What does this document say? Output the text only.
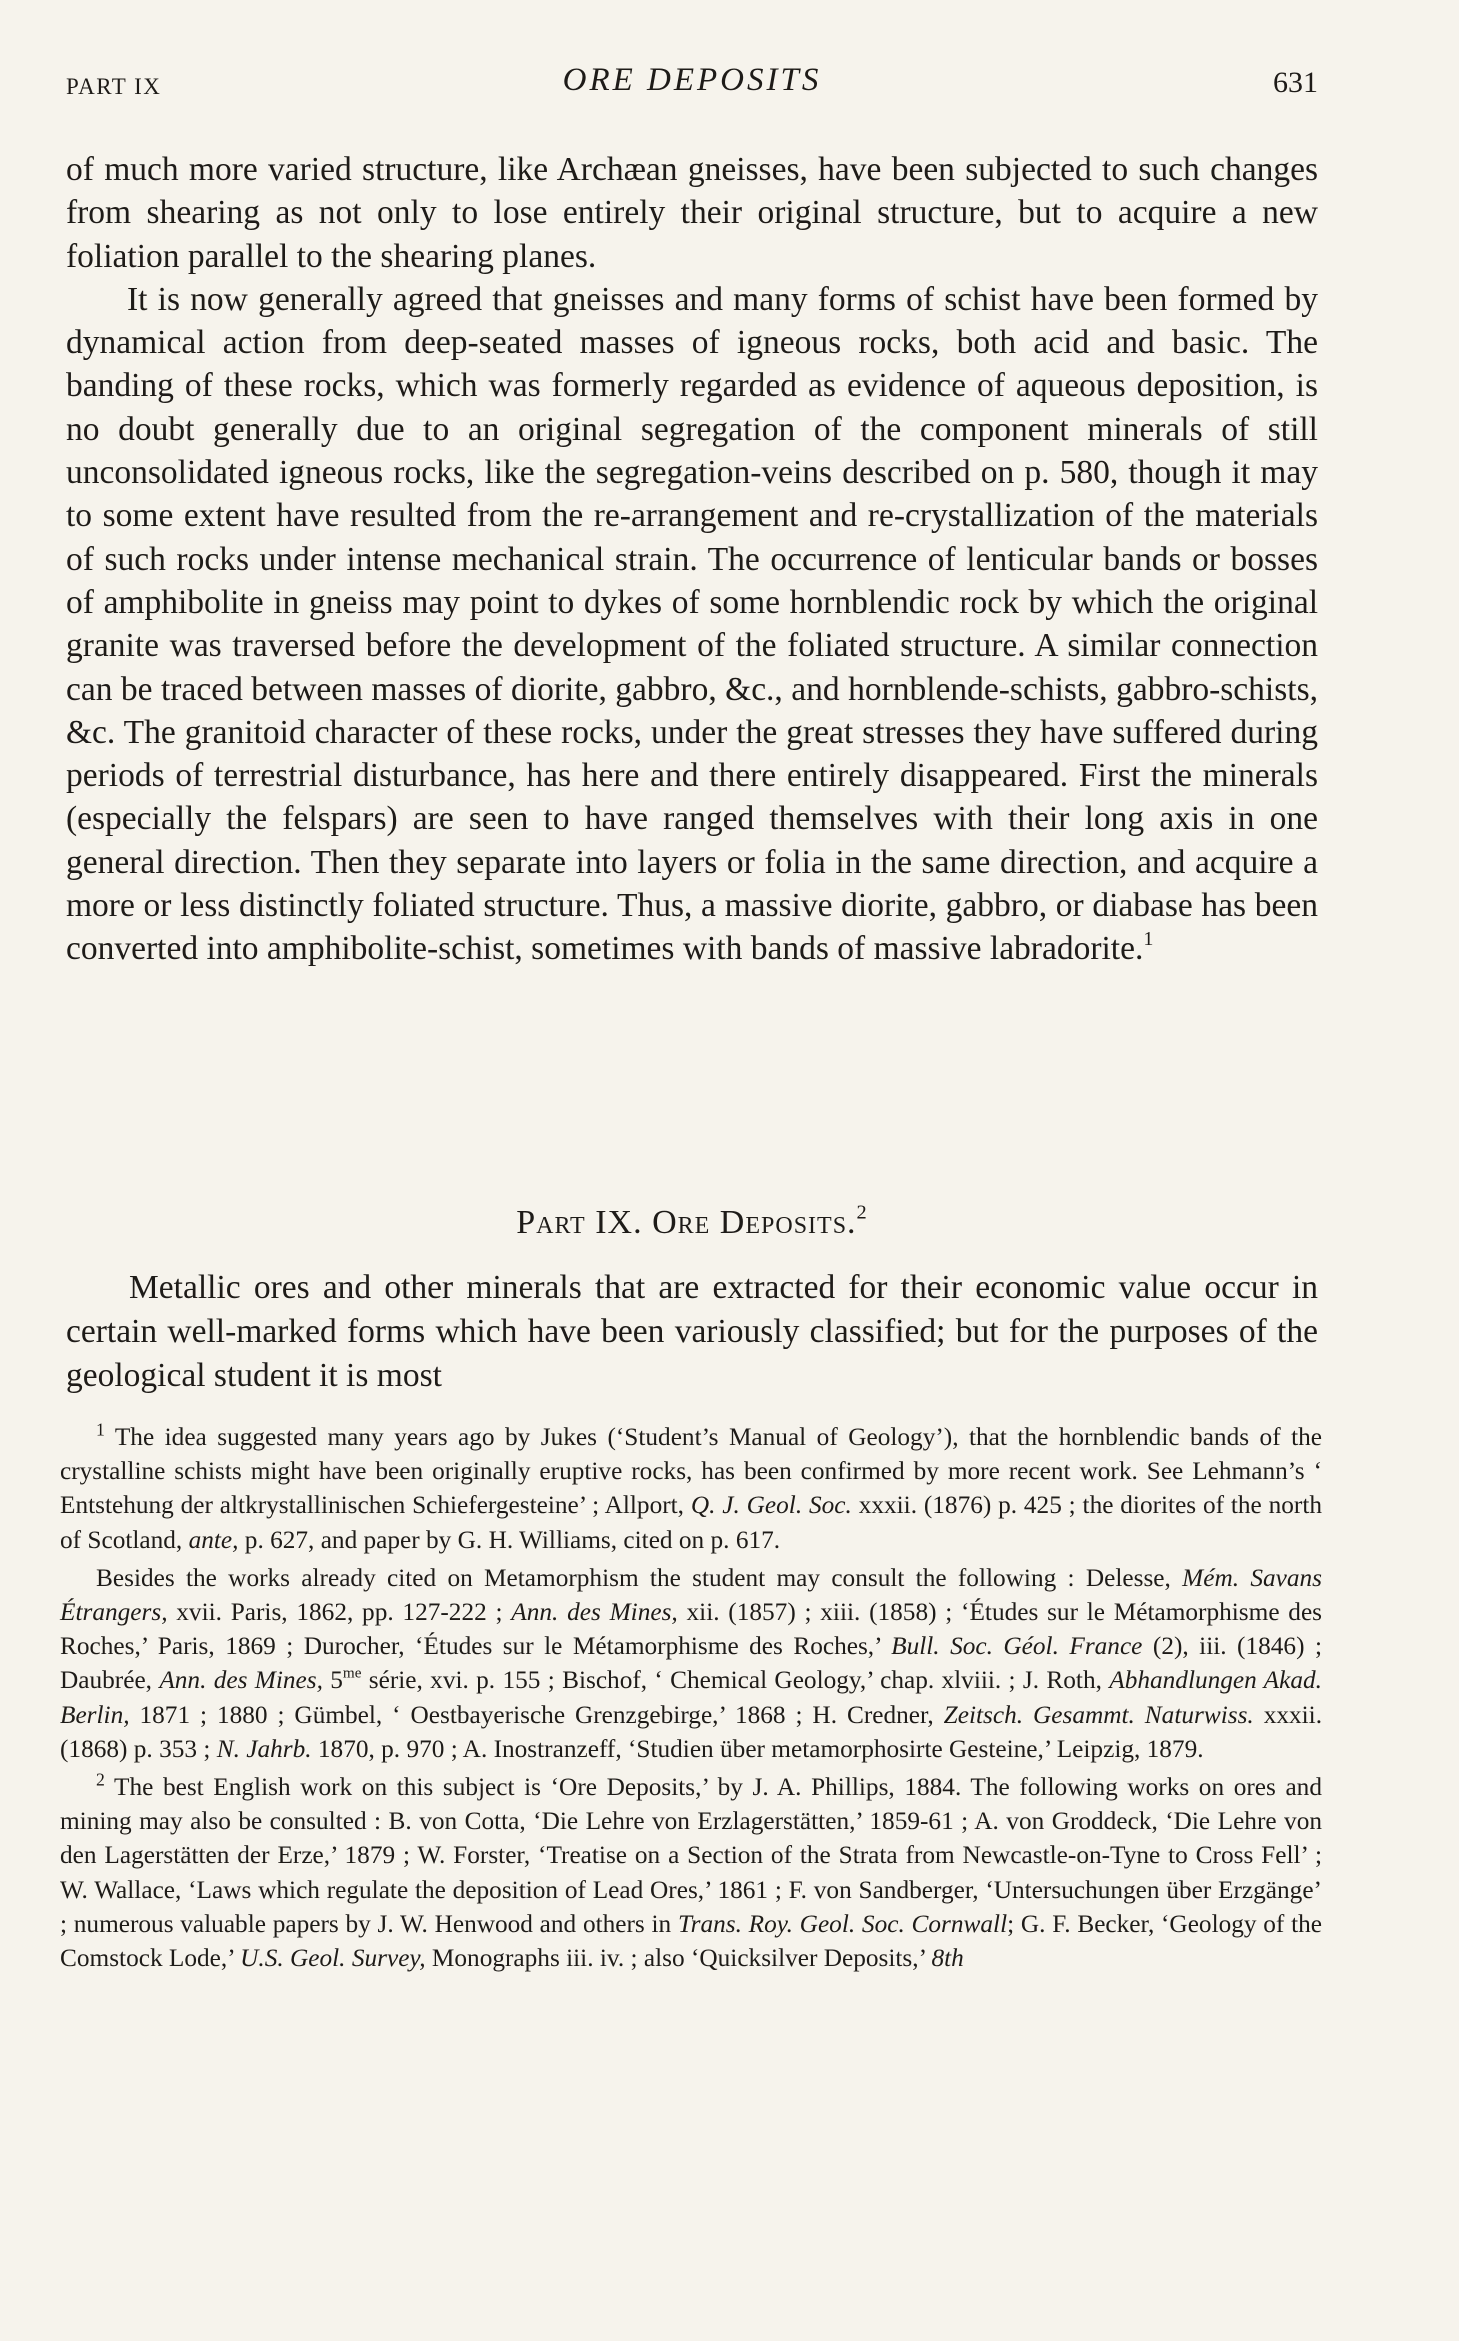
PART IX	ORE DEPOSITS	631

of much more varied structure, like Archæan gneisses, have been subjected to such changes from shearing as not only to lose entirely their original structure, but to acquire a new foliation parallel to the shearing planes.

It is now generally agreed that gneisses and many forms of schist have been formed by dynamical action from deep-seated masses of igneous rocks, both acid and basic. The banding of these rocks, which was formerly regarded as evidence of aqueous deposition, is no doubt generally due to an original segregation of the component minerals of still unconsolidated igneous rocks, like the segregation-veins described on p. 580, though it may to some extent have resulted from the re-arrangement and re-crystallization of the materials of such rocks under intense mechanical strain. The occurrence of lenticular bands or bosses of amphibolite in gneiss may point to dykes of some hornblendic rock by which the original granite was traversed before the development of the foliated structure. A similar connection can be traced between masses of diorite, gabbro, &c., and hornblende-schists, gabbro-schists, &c. The granitoid character of these rocks, under the great stresses they have suffered during periods of terrestrial disturbance, has here and there entirely disappeared. First the minerals (especially the felspars) are seen to have ranged themselves with their long axis in one general direction. Then they separate into layers or folia in the same direction, and acquire a more or less distinctly foliated structure. Thus, a massive diorite, gabbro, or diabase has been converted into amphibolite-schist, sometimes with bands of massive labradorite.$^1$

Part IX. Ore Deposits.$^2$

Metallic ores and other minerals that are extracted for their economic value occur in certain well-marked forms which have been variously classified; but for the purposes of the geological student it is most

$^1$ The idea suggested many years ago by Jukes (‘Student’s Manual of Geology’), that the hornblendic bands of the crystalline schists might have been originally eruptive rocks, has been confirmed by more recent work. See Lehmann’s ‘ Entstehung der altkrystallinischen Schiefergesteine’ ; Allport, Q. J. Geol. Soc. xxxii. (1876) p. 425 ; the diorites of the north of Scotland, ante, p. 627, and paper by G. H. Williams, cited on p. 617.

Besides the works already cited on Metamorphism the student may consult the following : Delesse, Mém. Savans Étrangers, xvii. Paris, 1862, pp. 127-222 ; Ann. des Mines, xii. (1857) ; xiii. (1858) ; ‘Études sur le Métamorphisme des Roches,’ Paris, 1869 ; Durocher, ‘Études sur le Métamorphisme des Roches,’ Bull. Soc. Géol. France (2), iii. (1846) ; Daubrée, Ann. des Mines, $5^{me}$ série, xvi. p. 155 ; Bischof, ‘ Chemical Geology,’ chap. xlviii. ; J. Roth, Abhandlungen Akad. Berlin, 1871 ; 1880 ; Gümbel, ‘ Oestbayerische Grenzgebirge,’ 1868 ; H. Credner, Zeitsch. Gesammt. Naturwiss. xxxii. (1868) p. 353 ; N. Jahrb. 1870, p. 970 ; A. Inostranzeff, ‘Studien über metamorphosirte Gesteine,’ Leipzig, 1879.

$^2$ The best English work on this subject is ‘Ore Deposits,’ by J. A. Phillips, 1884. The following works on ores and mining may also be consulted : B. von Cotta, ‘Die Lehre von Erzlagerstätten,’ 1859-61 ; A. von Groddeck, ‘Die Lehre von den Lagerstätten der Erze,’ 1879 ; W. Forster, ‘Treatise on a Section of the Strata from Newcastle-on-Tyne to Cross Fell’ ; W. Wallace, ‘Laws which regulate the deposition of Lead Ores,’ 1861 ; F. von Sandberger, ‘Untersuchungen über Erzgänge’ ; numerous valuable papers by J. W. Henwood and others in Trans. Roy. Geol. Soc. Cornwall; G. F. Becker, ‘Geology of the Comstock Lode,’ U.S. Geol. Survey, Monographs iii. iv. ; also ‘Quicksilver Deposits,’ 8th
